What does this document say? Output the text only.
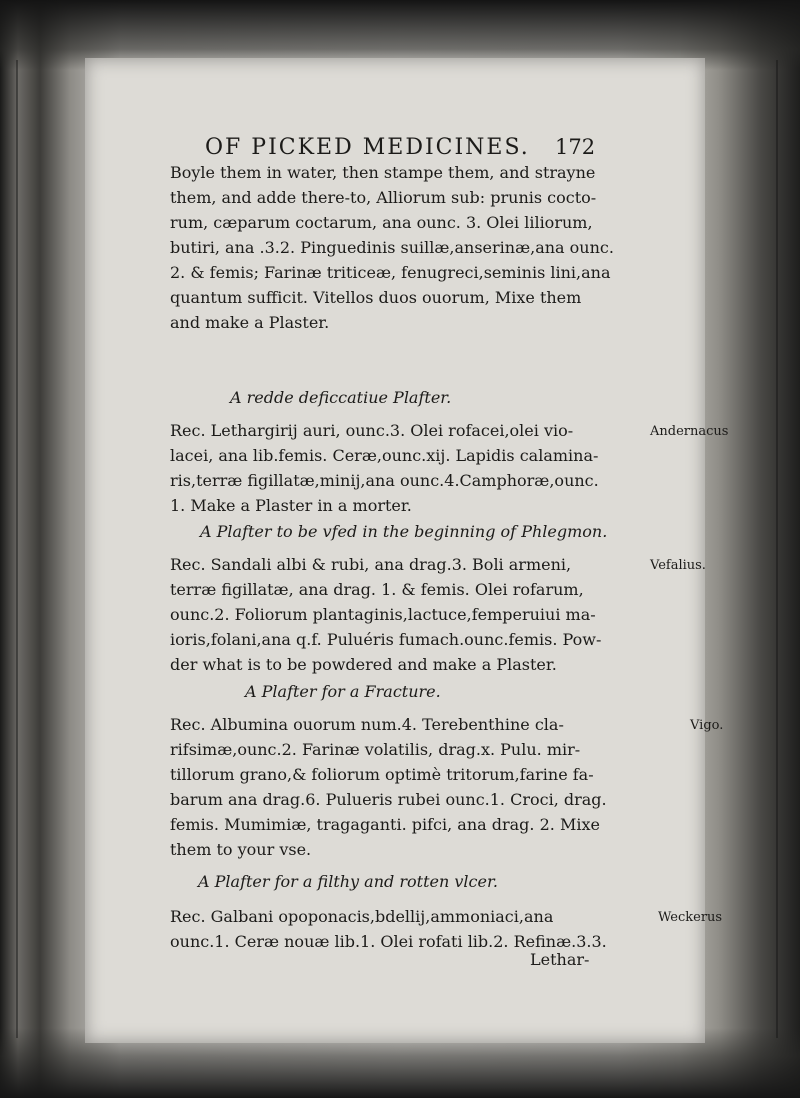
OF PICKED MEDICINES. 172
Boyle them in water, then stampe them, and strayne
them, and adde there-to, Alliorum sub: prunis cocto-
rum, cæparum coctarum, ana ounc. 3. Olei liliorum,
butiri, ana .3.2. Pinguedinis suillæ,anserinæ,ana ounc.
2. & femis; Farinæ triticeæ, fenugreci,seminis lini,ana
quantum sufficit. Vitellos duos ouorum, Mixe them
and make a Plaster.
A redde deficcatiue Plafter.
Rec. Lethargirij auri, ounc.3. Olei rofacei,olei vio-
lacei, ana lib.femis. Ceræ,ounc.xij. Lapidis calamina-
ris,terræ figillatæ,minij,ana ounc.4.Camphoræ,ounc.
1. Make a Plaster in a morter.
Andernacus
A Plafter to be vfed in the beginning of Phlegmon.
Rec. Sandali albi & rubi, ana drag.3. Boli armeni,
terræ figillatæ, ana drag. 1. & femis. Olei rofarum,
ounc.2. Foliorum plantaginis,lactuce,femperuiui ma-
ioris,folani,ana q.f. Puluéris fumach.ounc.femis. Pow-
der what is to be powdered and make a Plaster.
Vefalius.
A Plafter for a Fracture.
Rec. Albumina ouorum num.4. Terebenthine cla-
rifsimæ,ounc.2. Farinæ volatilis, drag.x. Pulu. mir-
tillorum grano,& foliorum optimè tritorum,farine fa-
barum ana drag.6. Pulueris rubei ounc.1. Croci, drag.
femis. Mumimiæ, tragaganti. pifci, ana drag. 2. Mixe
them to your vse.
Vigo.
A Plafter for a filthy and rotten vlcer.
Rec. Galbani opoponacis,bdellij,ammoniaci,ana
ounc.1. Ceræ nouæ lib.1. Olei rofati lib.2. Refinæ.3.3.
Weckerus
Lethar-
